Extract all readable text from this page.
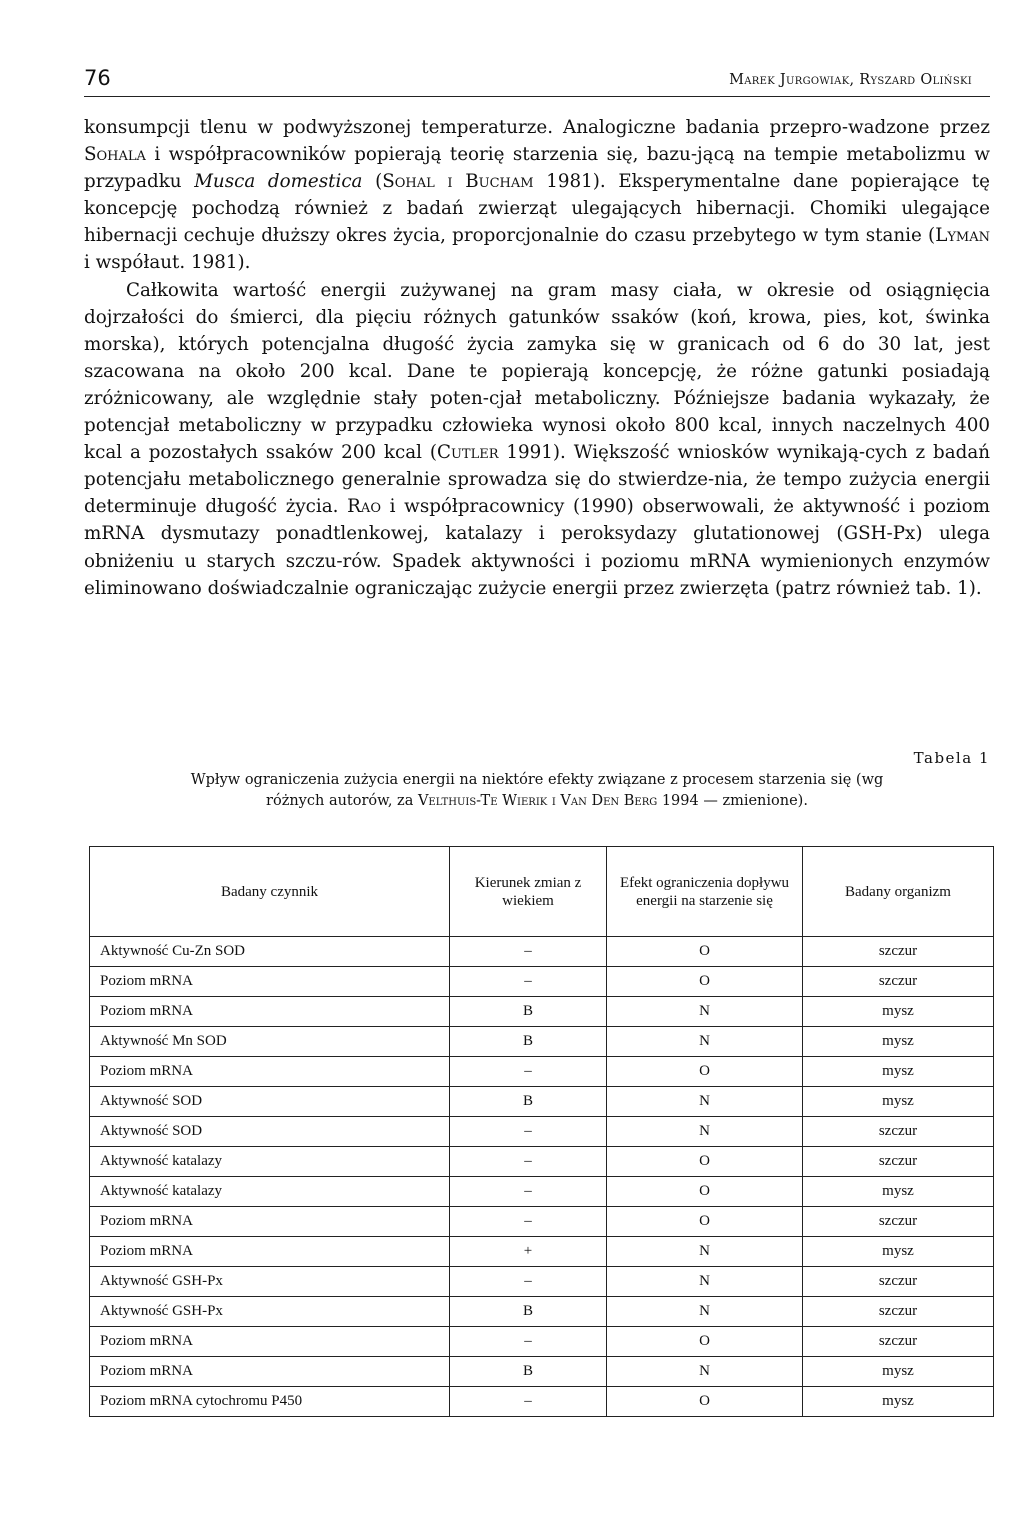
76	Marek Jurgowiak, Ryszard Oliński

konsumpcji tlenu w podwyższonej temperaturze. Analogiczne badania przepro-wadzone przez Sohala i współpracowników popierają teorię starzenia się, bazu-jącą na tempie metabolizmu w przypadku Musca domestica (Sohal i Bucham 1981). Eksperymentalne dane popierające tę koncepcję pochodzą również z badań zwierząt ulegających hibernacji. Chomiki ulegające hibernacji cechuje dłuższy okres życia, proporcjonalnie do czasu przebytego w tym stanie (Lyman i współaut. 1981).

Całkowita wartość energii zużywanej na gram masy ciała, w okresie od osiągnięcia dojrzałości do śmierci, dla pięciu różnych gatunków ssaków (koń, krowa, pies, kot, świnka morska), których potencjalna długość życia zamyka się w granicach od 6 do 30 lat, jest szacowana na około 200 kcal. Dane te popierają koncepcję, że różne gatunki posiadają zróżnicowany, ale względnie stały poten-cjał metaboliczny. Późniejsze badania wykazały, że potencjał metaboliczny w przypadku człowieka wynosi około 800 kcal, innych naczelnych 400 kcal a pozostałych ssaków 200 kcal (Cutler 1991). Większość wniosków wynikają-cych z badań potencjału metabolicznego generalnie sprowadza się do stwierdze-nia, że tempo zużycia energii determinuje długość życia. Rao i współpracownicy (1990) obserwowali, że aktywność i poziom mRNA dysmutazy ponadtlenkowej, katalazy i peroksydazy glutationowej (GSH-Px) ulega obniżeniu u starych szczu-rów. Spadek aktywności i poziomu mRNA wymienionych enzymów eliminowano doświadczalnie ograniczając zużycie energii przez zwierzęta (patrz również tab. 1).

Tabela 1
Wpływ ograniczenia zużycia energii na niektóre efekty związane z procesem starzenia się (wg
różnych autorów, za Velthuis-Te Wierik i Van Den Berg 1994 — zmienione).
Badany czynnik	Kierunek zmian z wiekiem	Efekt ograniczenia dopływu energii na starzenie się	Badany organizm
Aktywność Cu-Zn SOD	–	O	szczur
Poziom mRNA	–	O	szczur
Poziom mRNA	B	N	mysz
Aktywność Mn SOD	B	N	mysz
Poziom mRNA	–	O	mysz
Aktywność SOD	B	N	mysz
Aktywność SOD	–	N	szczur
Aktywność katalazy	–	O	szczur
Aktywność katalazy	–	O	mysz
Poziom mRNA	–	O	szczur
Poziom mRNA	+	N	mysz
Aktywność GSH-Px	–	N	szczur
Aktywność GSH-Px	B	N	szczur
Poziom mRNA	–	O	szczur
Poziom mRNA	B	N	mysz
Poziom mRNA cytochromu P450	–	O	mysz
